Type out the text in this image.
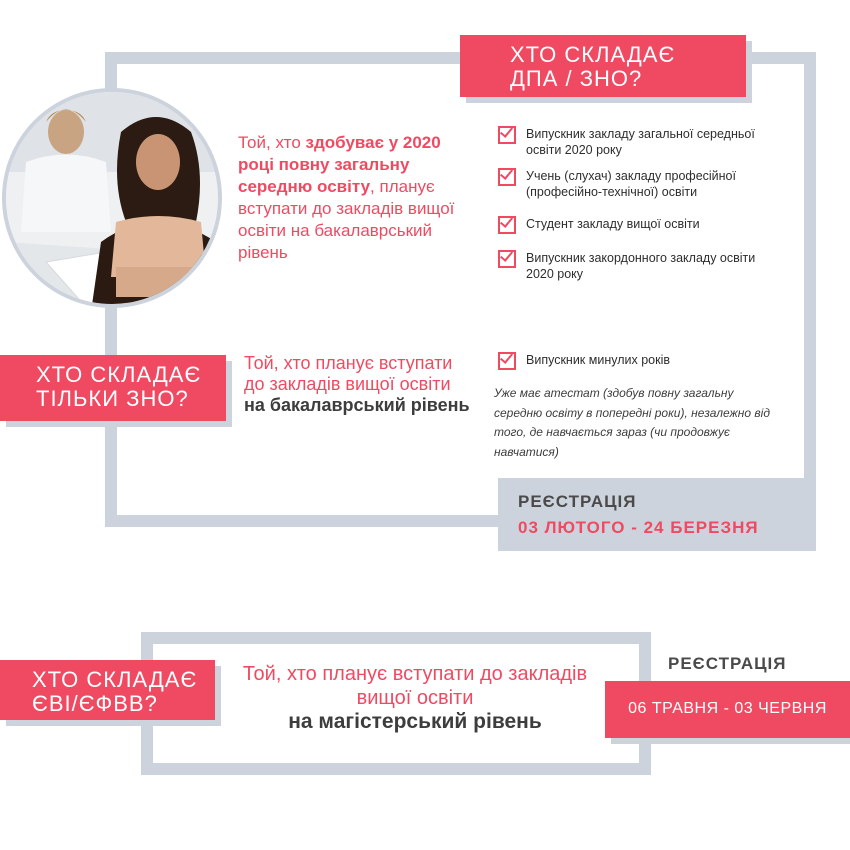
ХТО СКЛАДАЄ
ДПА / ЗНО?
ХТО СКЛАДАЄ
ТІЛЬКИ ЗНО?
ХТО СКЛАДАЄ
ЄВІ/ЄФВВ?
Той, хто здобуває у 2020 році повну загальну середню освіту, планує вступати до закладів вищої освіти на бакалаврський рівень
Випускник закладу загальної середньої освіти 2020 року
Учень (слухач) закладу професійної (професійно-технічної) освіти
Студент закладу вищої освіти
Випускник закордонного закладу освіти 2020 року
Той, хто планує вступати до закладів вищої освіти
на бакалаврський рівень
Випускник минулих років
Уже має атестат (здобув повну загальну середню освіту в попередні роки), незалежно від того, де навчається зараз (чи продовжує навчатися)
РЕЄСТРАЦІЯ
03 ЛЮТОГО - 24 БЕРЕЗНЯ
Той, хто планує вступати до закладів вищої освіти
на магістерський рівень
РЕЄСТРАЦІЯ
06 ТРАВНЯ - 03 ЧЕРВНЯ
